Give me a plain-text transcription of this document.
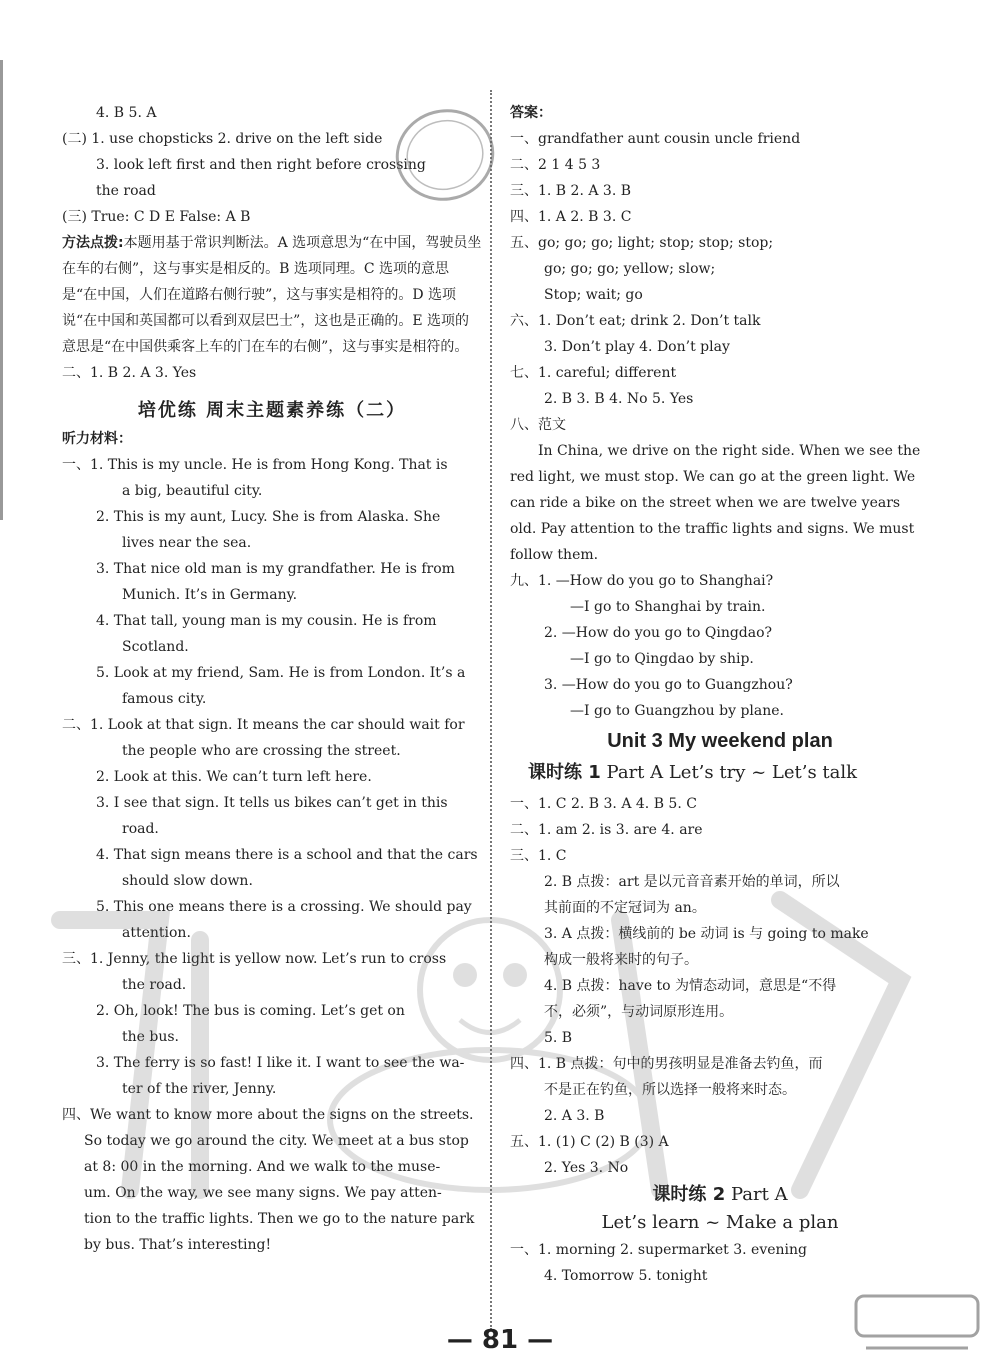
4. B 5. A
(二) 1. use chopsticks 2. drive on the left side
3. look left first and then right before crossing
the road
(三) True: C D E False: A B
方法点拨:本题用基于常识判断法。A 选项意思为“在中国，驾驶员坐在车的右侧”，这与事实是相反的。B 选项同理。C 选项的意思是“在中国，人们在道路右侧行驶”，这与事实是相符的。D 选项说“在中国和英国都可以看到双层巴士”，这也是正确的。E 选项的意思是“在中国供乘客上车的门在车的右侧”，这与事实是相符的。
二、1. B 2. A 3. Yes
培优练 周末主题素养练（二）
听力材料：
一、1. This is my uncle. He is from Hong Kong. That is
a big, beautiful city.
2. This is my aunt, Lucy. She is from Alaska. She
lives near the sea.
3. That nice old man is my grandfather. He is from
Munich. It’s in Germany.
4. That tall, young man is my cousin. He is from
Scotland.
5. Look at my friend, Sam. He is from London. It’s a
famous city.
二、1. Look at that sign. It means the car should wait for
the people who are crossing the street.
2. Look at this. We can’t turn left here.
3. I see that sign. It tells us bikes can’t get in this
road.
4. That sign means there is a school and that the cars
should slow down.
5. This one means there is a crossing. We should pay
attention.
三、1. Jenny, the light is yellow now. Let’s run to cross
the road.
2. Oh, look! The bus is coming. Let’s get on
the bus.
3. The ferry is so fast! I like it. I want to see the wa-
ter of the river, Jenny.
四、We want to know more about the signs on the streets.
So today we go around the city. We meet at a bus stop
at 8: 00 in the morning. And we walk to the muse-
um. On the way, we see many signs. We pay atten-
tion to the traffic lights. Then we go to the nature park
by bus. That’s interesting!
答案：
一、grandfather aunt cousin uncle friend
二、2 1 4 5 3
三、1. B 2. A 3. B
四、1. A 2. B 3. C
五、go; go; go; light; stop; stop; stop;
go; go; go; yellow; slow;
Stop; wait; go
六、1. Don’t eat; drink 2. Don’t talk
3. Don’t play 4. Don’t play
七、1. careful; different
2. B 3. B 4. No 5. Yes
八、范文
In China, we drive on the right side. When we see the red light, we must stop. We can go at the green light. We can ride a bike on the street when we are twelve years old. Pay attention to the traffic lights and signs. We must follow them.
九、1. —How do you go to Shanghai?
—I go to Shanghai by train.
2. —How do you go to Qingdao?
—I go to Qingdao by ship.
3. —How do you go to Guangzhou?
—I go to Guangzhou by plane.
Unit 3 My weekend plan
课时练 1 Part A Let’s try ~ Let’s talk
一、1. C 2. B 3. A 4. B 5. C
二、1. am 2. is 3. are 4. are
三、1. C
2. B 点拨：art 是以元音音素开始的单词，所以
其前面的不定冠词为 an。
3. A 点拨：横线前的 be 动词 is 与 going to make
构成一般将来时的句子。
4. B 点拨：have to 为情态动词，意思是“不得
不，必须”，与动词原形连用。
5. B
四、1. B 点拨：句中的男孩明显是准备去钓鱼，而
不是正在钓鱼，所以选择一般将来时态。
2. A 3. B
五、1. (1) C (2) B (3) A
2. Yes 3. No
课时练 2 Part A
Let’s learn ~ Make a plan
一、1. morning 2. supermarket 3. evening
4. Tomorrow 5. tonight
— 81 —
